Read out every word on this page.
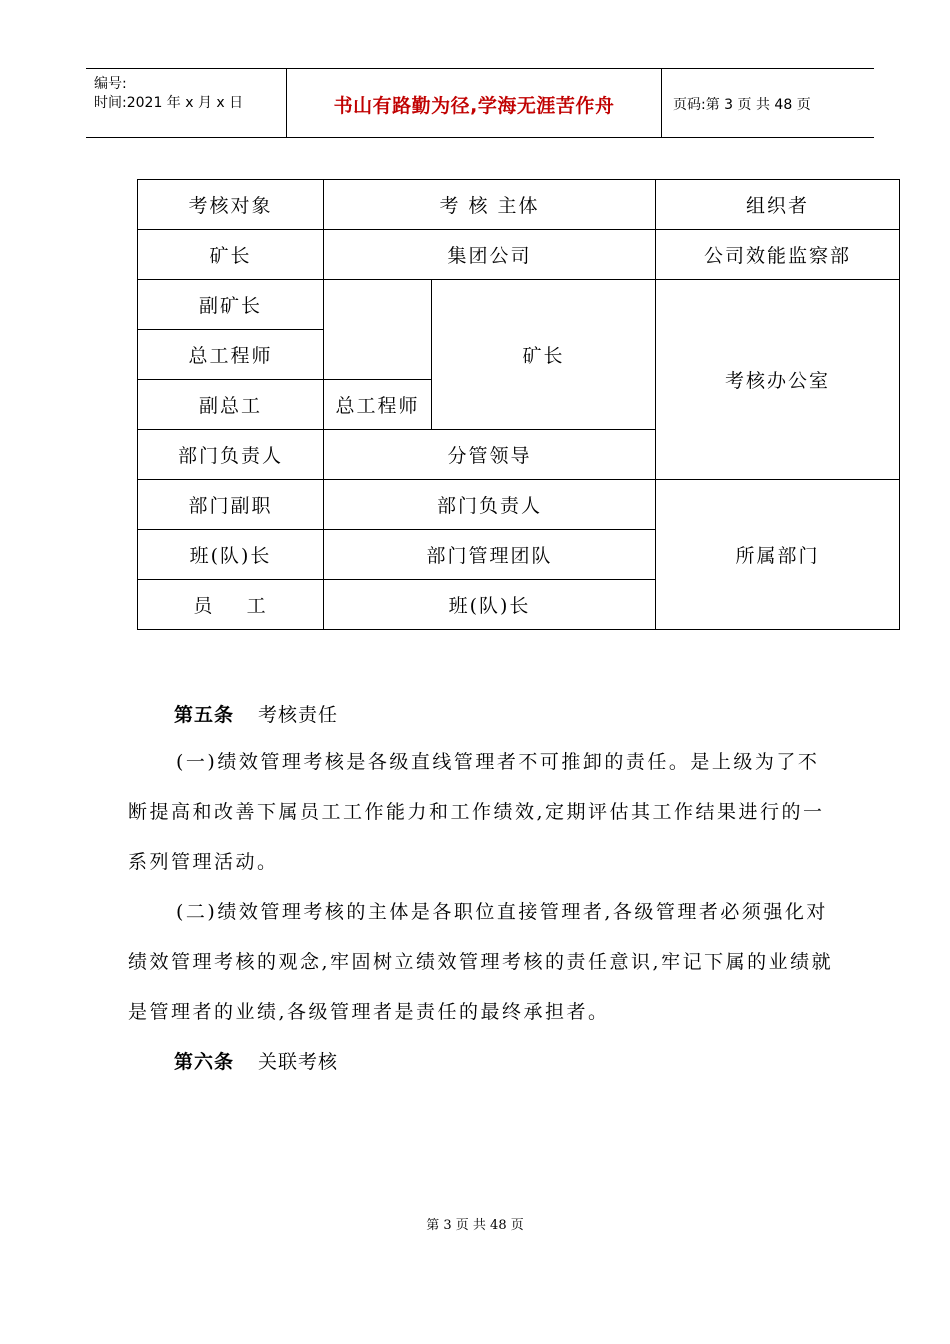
编号:
时间:2021 年 x 月 x 日	书山有路勤为径,学海无涯苦作舟	页码:第 3 页 共 48 页
考核对象	考 核 主体		组织者
矿长	集团公司		公司效能监察部
副矿长		矿长	考核办公室
总工程师			
副总工	总工程师		
部门负责人	分管领导		
部门副职	部门负责人		所属部门
班(队)长	部门管理团队		
员    工	班(队)长		
第五条 考核责任
(一)绩效管理考核是各级直线管理者不可推卸的责任。是上级为了不断提高和改善下属员工工作能力和工作绩效,定期评估其工作结果进行的一系列管理活动。
(二)绩效管理考核的主体是各职位直接管理者,各级管理者必须强化对绩效管理考核的观念,牢固树立绩效管理考核的责任意识,牢记下属的业绩就是管理者的业绩,各级管理者是责任的最终承担者。
第六条 关联考核
第 3 页 共 48 页
